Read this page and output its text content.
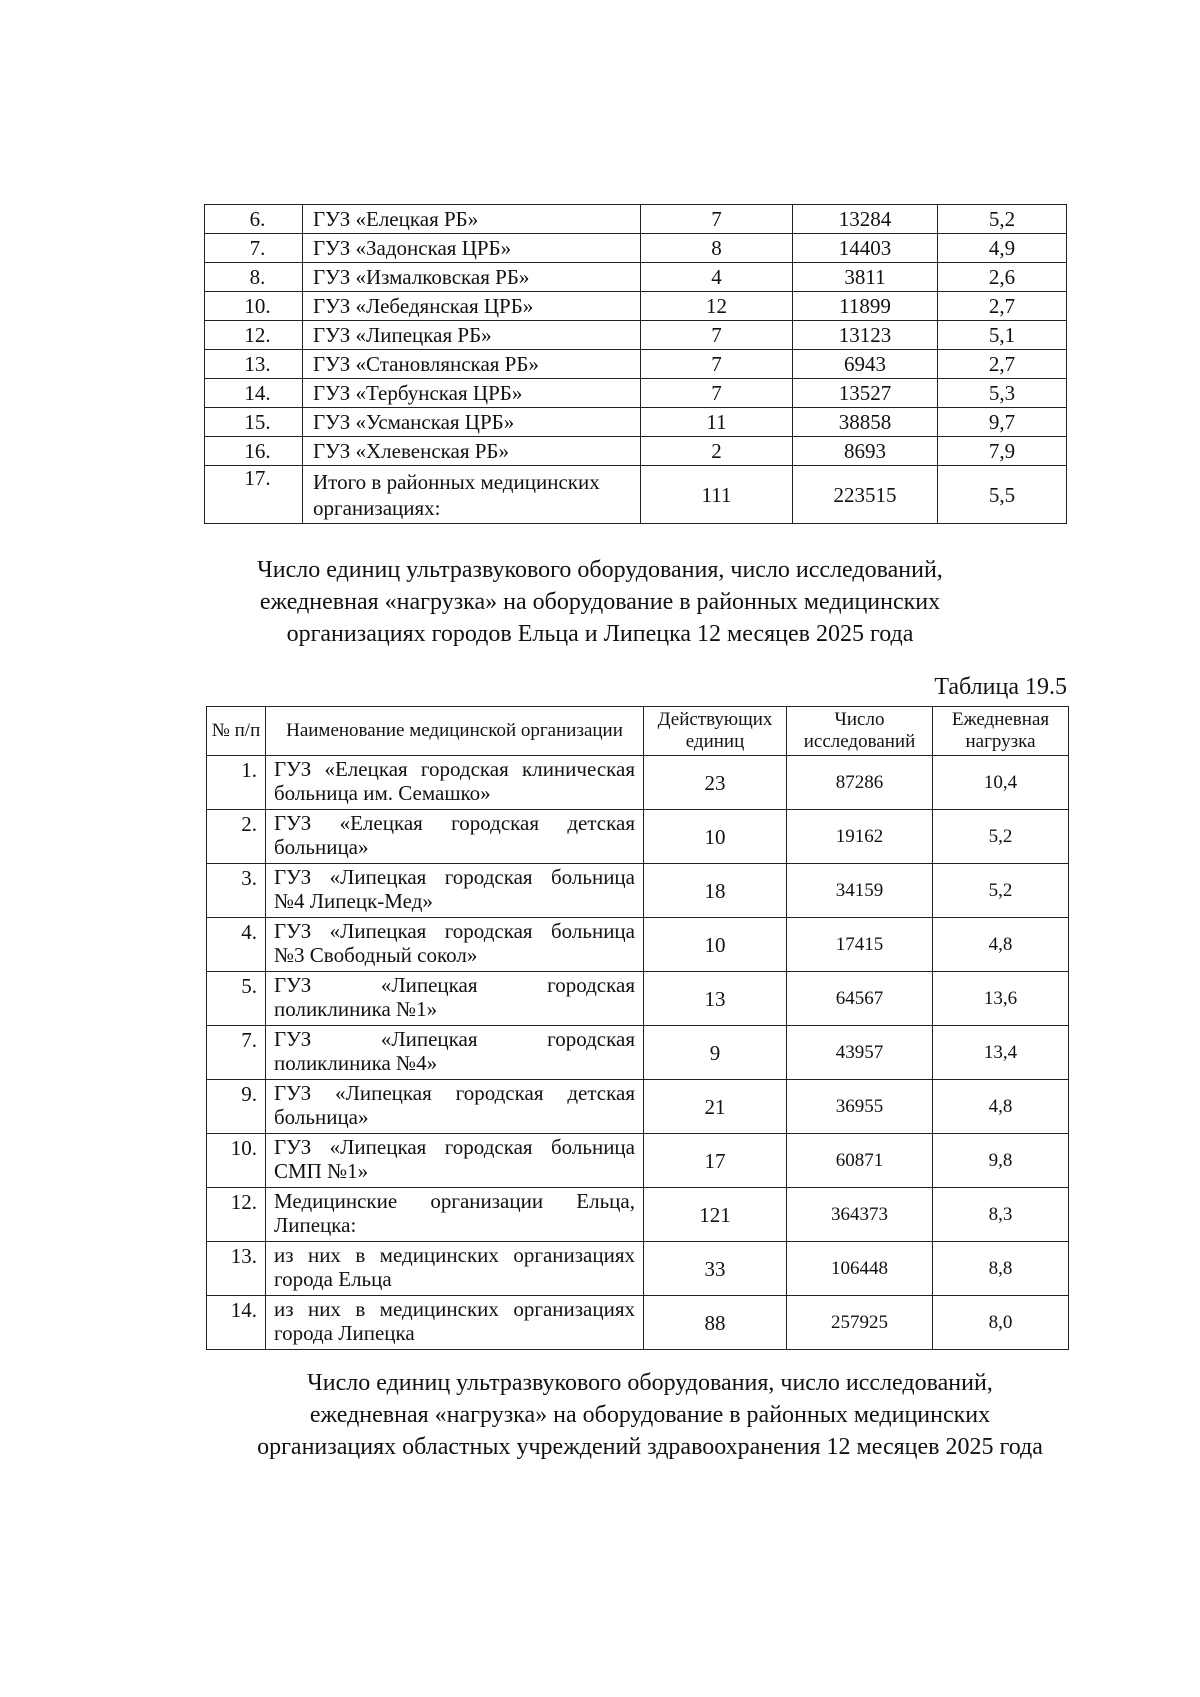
6.	ГУЗ «Елецкая РБ»	7	13284	5,2
7.	ГУЗ «Задонская ЦРБ»	8	14403	4,9
8.	ГУЗ «Измалковская РБ»	4	3811	2,6
10.	ГУЗ «Лебедянская ЦРБ»	12	11899	2,7
12.	ГУЗ «Липецкая РБ»	7	13123	5,1
13.	ГУЗ «Становлянская РБ»	7	6943	2,7
14.	ГУЗ «Тербунская ЦРБ»	7	13527	5,3
15.	ГУЗ «Усманская ЦРБ»	11	38858	9,7
16.	ГУЗ «Хлевенская РБ»	2	8693	7,9
17.	Итого в районных медицинских организациях:	111	223515	5,5
Число единиц ультразвукового оборудования, число исследований,
ежедневная «нагрузка» на оборудование в районных медицинских
организациях городов Ельца и Липецка 12 месяцев 2025 года
Таблица 19.5
№ п/п	Наименование медицинской организации	Действующих единиц	Число исследований	Ежедневная нагрузка
1.	ГУЗ «Елецкая городская клиническая
больница им. Семашко»	23	87286	10,4
2.	ГУЗ «Елецкая городская детская
больница»	10	19162	5,2
3.	ГУЗ «Липецкая городская больница
№4 Липецк-Мед»	18	34159	5,2
4.	ГУЗ «Липецкая городская больница
№3 Свободный сокол»	10	17415	4,8
5.	ГУЗ «Липецкая городская
поликлиника №1»	13	64567	13,6
7.	ГУЗ «Липецкая городская
поликлиника №4»	9	43957	13,4
9.	ГУЗ «Липецкая городская детская
больница»	21	36955	4,8
10.	ГУЗ «Липецкая городская больница
СМП №1»	17	60871	9,8
12.	Медицинские организации Ельца,
Липецка:	121	364373	8,3
13.	из них в медицинских организациях
города Ельца	33	106448	8,8
14.	из них в медицинских организациях
города Липецка	88	257925	8,0
Число единиц ультразвукового оборудования, число исследований,
ежедневная «нагрузка» на оборудование в районных медицинских
организациях областных учреждений здравоохранения 12 месяцев 2025 года
